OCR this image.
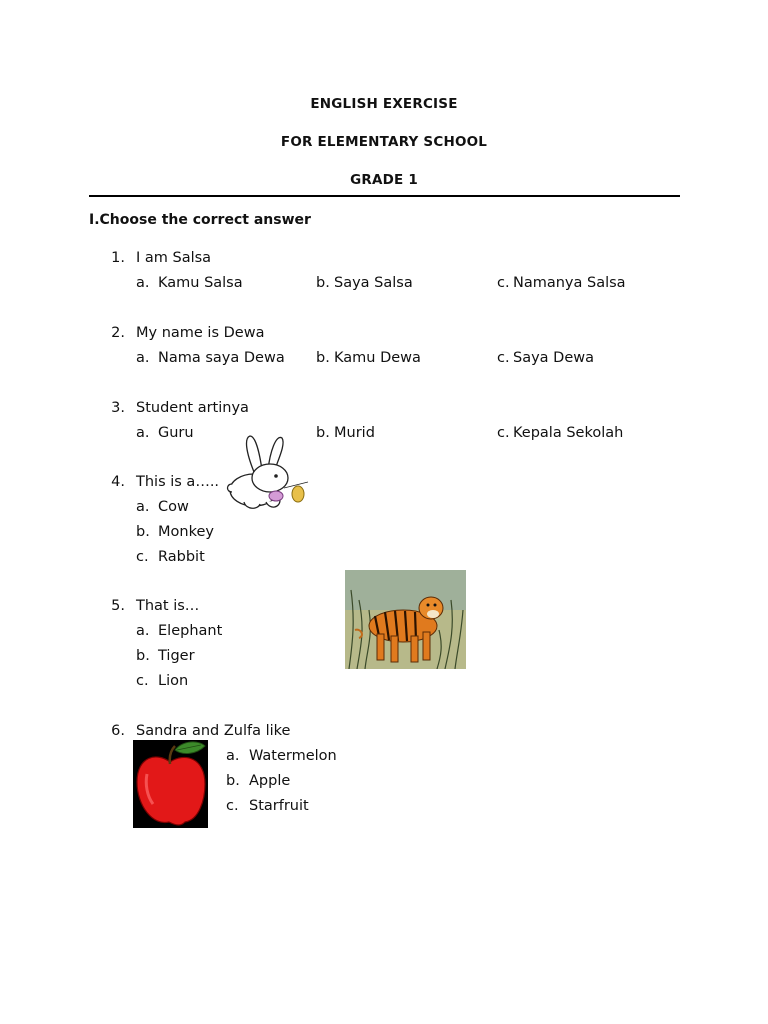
ENGLISH EXERCISE
FOR ELEMENTARY SCHOOL
GRADE 1
I.Choose the correct answer
1. I am Salsa
a. Kamu Salsa	b. Saya Salsa	c. Namanya Salsa
2. My name is Dewa
a. Nama saya Dewa b. Kamu Dewa	c. Saya Dewa
3. Student artinya
a. Guru	b. Murid	c. Kepala Sekolah
4. This is a…..
a. Cow
b. Monkey
c. Rabbit
5. That is…
a. Elephant
b. Tiger
c. Lion
6. Sandra and Zulfa like
a. Watermelon
b. Apple
c. Starfruit
